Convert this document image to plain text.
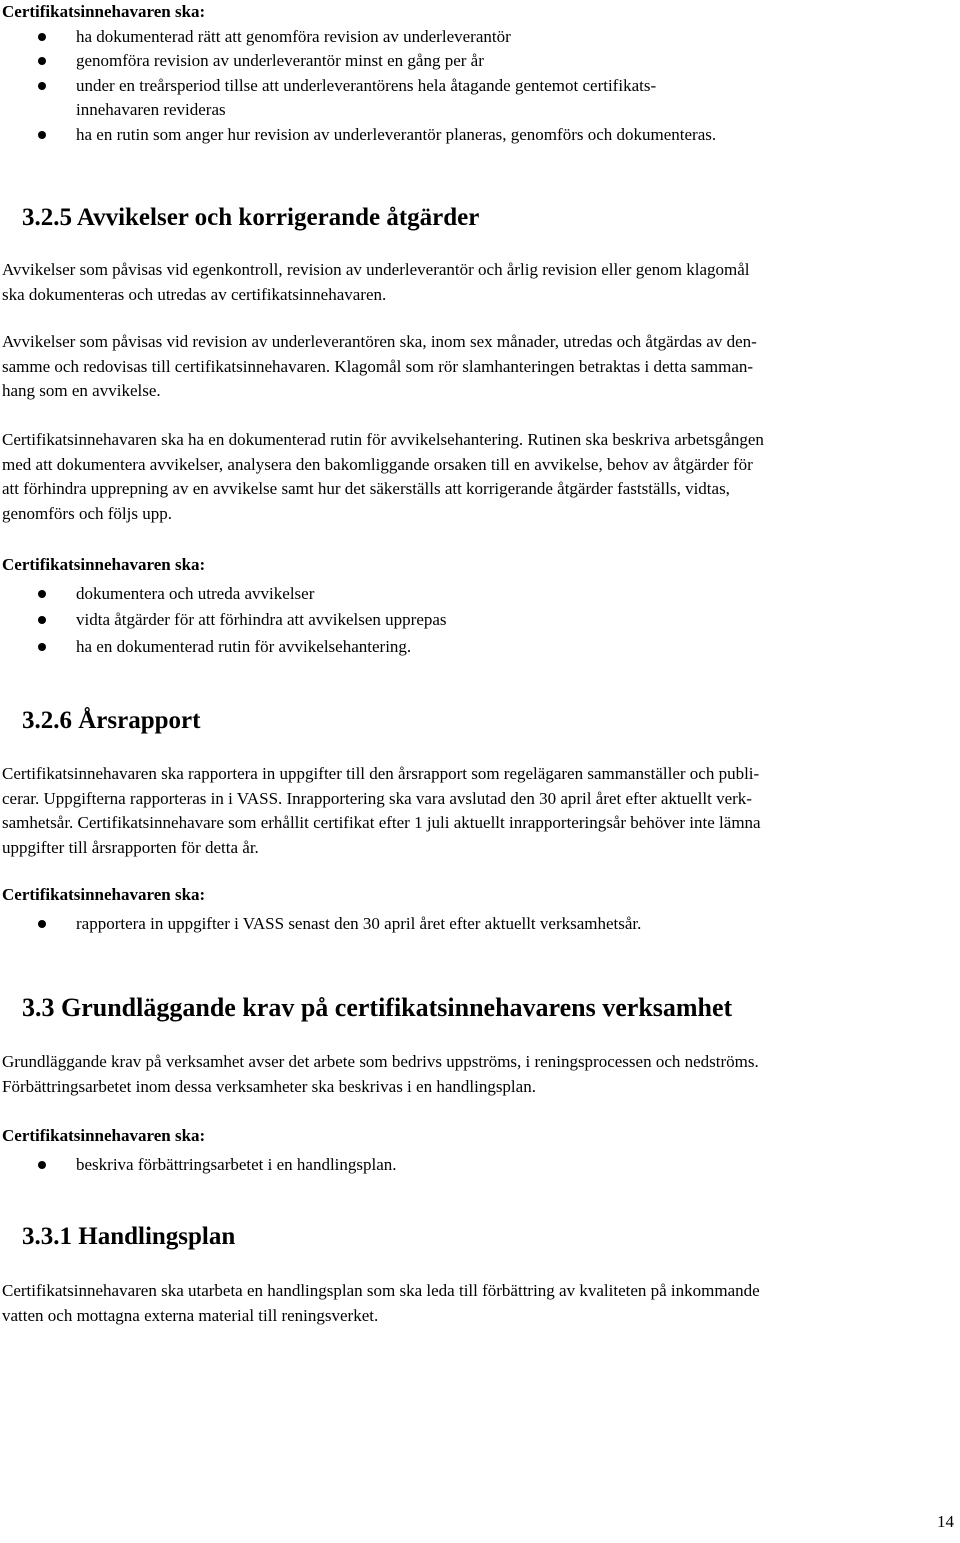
Certifikatsinnehavaren ska:

ha dokumenterad rätt att genomföra revision av underleverantör
genomföra revision av underleverantör minst en gång per år
under en treårsperiod tillse att underleverantörens hela åtagande gentemot certifikats-
innehavaren revideras
ha en rutin som anger hur revision av underleverantör planeras, genomförs och dokumenteras.
3.2.5 Avvikelser och korrigerande åtgärder

Avvikelser som påvisas vid egenkontroll, revision av underleverantör och årlig revision eller genom klagomål
ska dokumenteras och utredas av certifikatsinnehavaren.

Avvikelser som påvisas vid revision av underleverantören ska, inom sex månader, utredas och åtgärdas av den-
samme och redovisas till certifikatsinnehavaren. Klagomål som rör slamhanteringen betraktas i detta samman-
hang som en avvikelse.

Certifikatsinnehavaren ska ha en dokumenterad rutin för avvikelsehantering. Rutinen ska beskriva arbetsgången
med att dokumentera avvikelser, analysera den bakomliggande orsaken till en avvikelse, behov av åtgärder för
att förhindra upprepning av en avvikelse samt hur det säkerställs att korrigerande åtgärder fastställs, vidtas,
genomförs och följs upp.

Certifikatsinnehavaren ska:

dokumentera och utreda avvikelser
vidta åtgärder för att förhindra att avvikelsen upprepas
ha en dokumenterad rutin för avvikelsehantering.
3.2.6 Årsrapport

Certifikatsinnehavaren ska rapportera in uppgifter till den årsrapport som regelägaren sammanställer och publi-
cerar. Uppgifterna rapporteras in i VASS. Inrapportering ska vara avslutad den 30 april året efter aktuellt verk-
samhetsår. Certifikatsinnehavare som erhållit certifikat efter 1 juli aktuellt inrapporteringsår behöver inte lämna
uppgifter till årsrapporten för detta år.

Certifikatsinnehavaren ska:

rapportera in uppgifter i VASS senast den 30 april året efter aktuellt verksamhetsår.
3.3 Grundläggande krav på certifikatsinnehavarens verksamhet

Grundläggande krav på verksamhet avser det arbete som bedrivs uppströms, i reningsprocessen och nedströms.
Förbättringsarbetet inom dessa verksamheter ska beskrivas i en handlingsplan.

Certifikatsinnehavaren ska:

beskriva förbättringsarbetet i en handlingsplan.
3.3.1 Handlingsplan

Certifikatsinnehavaren ska utarbeta en handlingsplan som ska leda till förbättring av kvaliteten på inkommande
vatten och mottagna externa material till reningsverket.

14
